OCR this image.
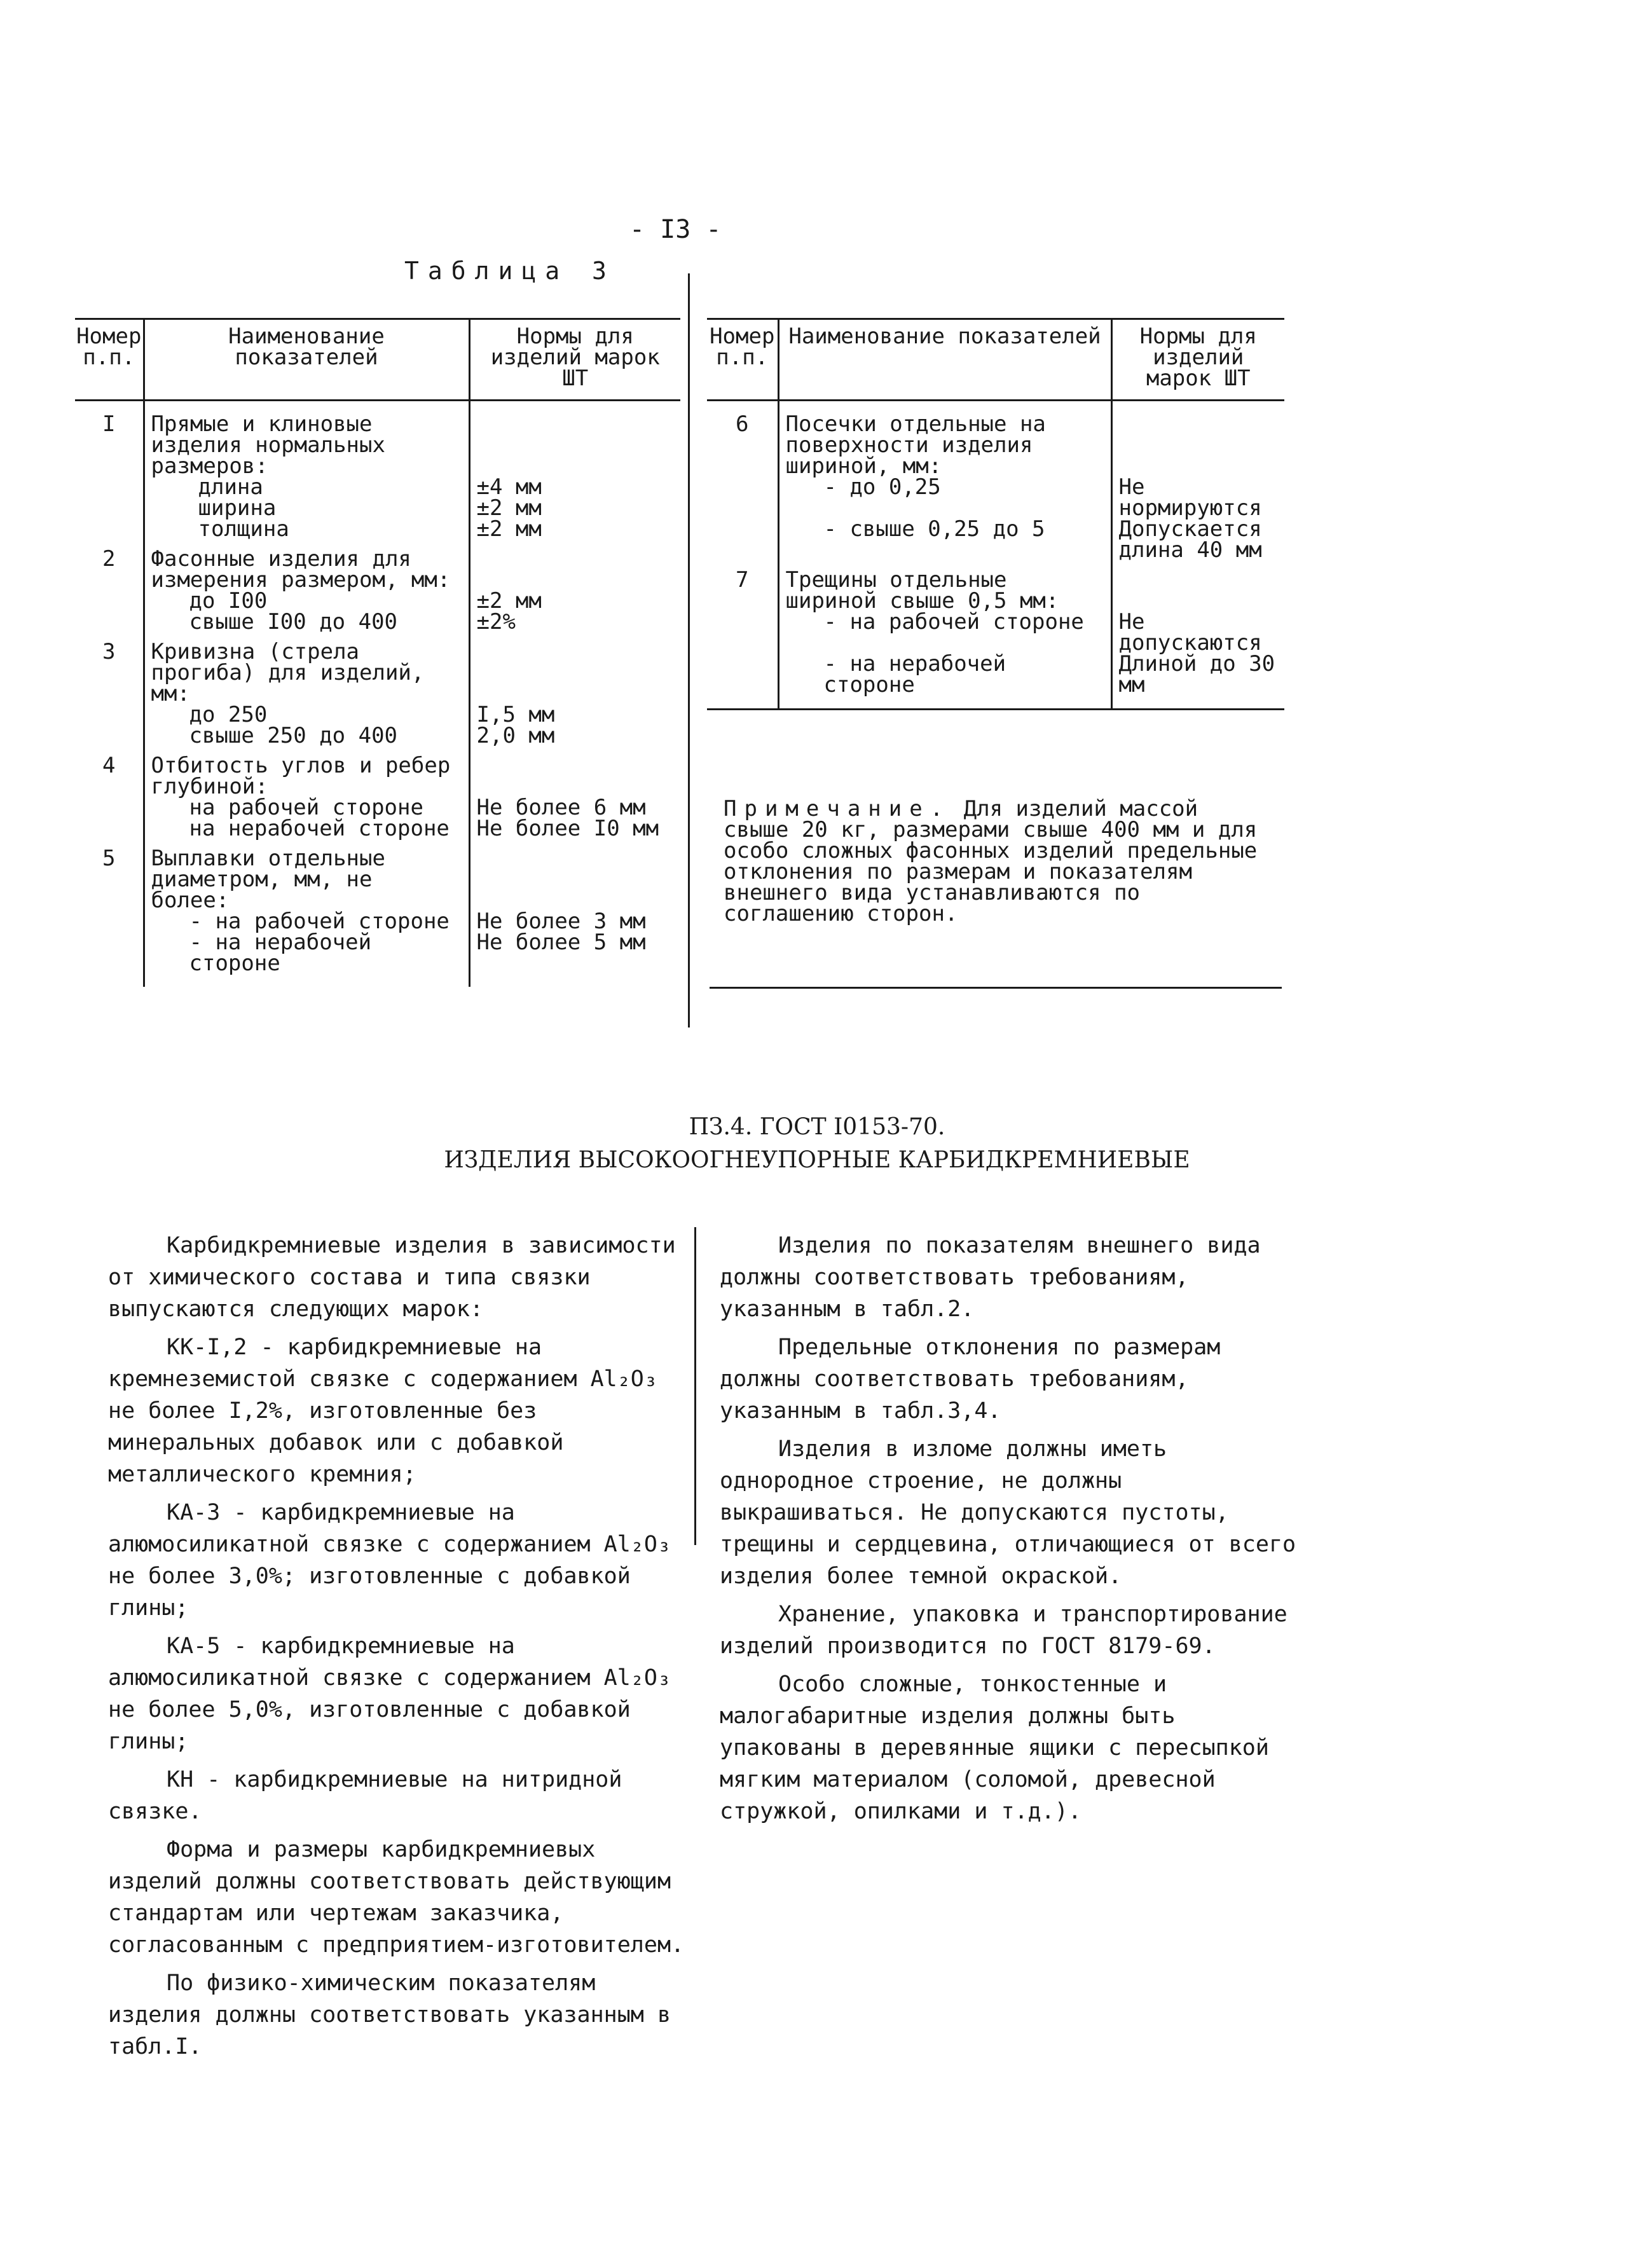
- I3 -
Таблица 3
Номер п.п.	Наименование показателей	Нормы для изделий марок ШТ
I	Прямые и клиновые изделия нормальных размеров:	
	длина	±4 мм
	ширина	±2 мм
	толщина	±2 мм
2	Фасонные изделия для измерения размером, мм:	
	до I00	±2 мм
	свыше I00 до 400	±2%
3	Кривизна (стрела прогиба) для изделий, мм:	
	до 250	I,5 мм
	свыше 250 до 400	2,0 мм
4	Отбитость углов и ребер глубиной:	
	на рабочей стороне	Не более 6 мм
	на нерабочей стороне	Не более I0 мм
5	Выплавки отдельные диаметром, мм, не более:	
	- на рабочей стороне	Не более 3 мм
	- на нерабочей стороне	Не более 5 мм

Номер п.п.	Наименование показателей	Нормы для изделий марок ШТ
6	Посечки отдельные на поверхности изделия шириной, мм:	
	- до 0,25	Не нормируются
	- свыше 0,25 до 5	Допускается длина 40 мм
7	Трещины отдельные шириной свыше 0,5 мм:	
	- на рабочей стороне	Не допускаются
	- на нерабочей стороне	Длиной до 30 мм

Примечание. Для изделий массой свыше 20 кг, размерами свыше 400 мм и для особо сложных фасонных изделий предельные отклонения по размерам и показателям внешнего вида устанавливаются по соглашению сторон.
ПЗ.4. ГОСТ I0153-70.
ИЗДЕЛИЯ ВЫСОКООГНЕУПОРНЫЕ КАРБИДКРЕМНИЕВЫЕ

Карбидкремниевые изделия в зависимости от химического состава и типа связки выпускаются следующих марок:

КК-I,2 - карбидкремниевые на кремнеземистой связке с содержанием Al₂O₃ не более I,2%, изготовленные без минеральных добавок или с добавкой металлического кремния;

КА-3 - карбидкремниевые на алюмосиликатной связке с содержанием Al₂O₃ не более 3,0%; изготовленные с добавкой глины;

КА-5 - карбидкремниевые на алюмосиликатной связке с содержанием Al₂O₃ не более 5,0%, изготовленные с добавкой глины;

КН - карбидкремниевые на нитридной связке.

Форма и размеры карбидкремниевых изделий должны соответствовать действующим стандартам или чертежам заказчика, согласованным с предприятием-изготовителем.

По физико-химическим показателям изделия должны соответствовать указанным в табл.I.

Изделия по показателям внешнего вида должны соответствовать требованиям, указанным в табл.2.

Предельные отклонения по размерам должны соответствовать требованиям, указанным в табл.3,4.

Изделия в изломе должны иметь однородное строение, не должны выкрашиваться. Не допускаются пустоты, трещины и сердцевина, отличающиеся от всего изделия более темной окраской.

Хранение, упаковка и транспортирование изделий производится по ГОСТ 8179-69.

Особо сложные, тонкостенные и малогабаритные изделия должны быть упакованы в деревянные ящики с пересыпкой мягким материалом (соломой, древесной стружкой, опилками и т.д.).
